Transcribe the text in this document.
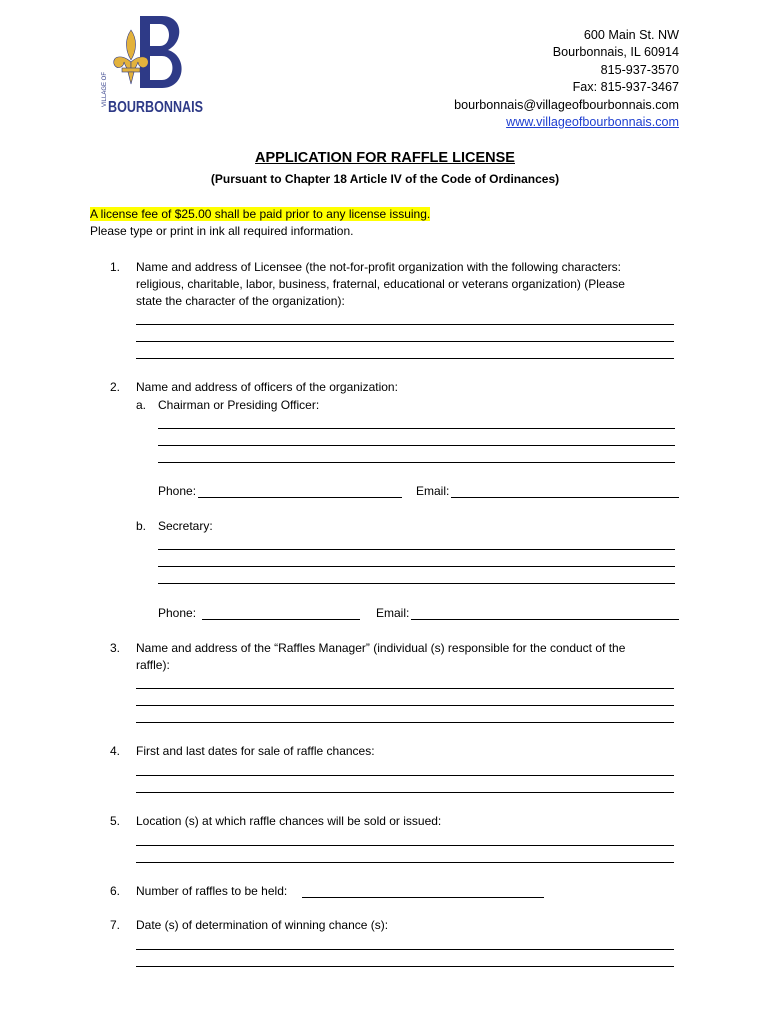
VILLAGE OF
BOURBONNAIS
600 Main St. NW
Bourbonnais, IL 60914
815-937-3570
Fax: 815-937-3467
bourbonnais@villageofbourbonnais.com
www.villageofbourbonnais.com
APPLICATION FOR RAFFLE LICENSE
(Pursuant to Chapter 18 Article IV of the Code of Ordinances)
A license fee of $25.00 shall be paid prior to any license issuing.
Please type or print in ink all required information.
1. Name and address of Licensee (the not-for-profit organization with the following characters:
religious, charitable, labor, business, fraternal, educational or veterans organization) (Please
state the character of the organization):
2. Name and address of officers of the organization:
a. Chairman or Presiding Officer:
Phone:	Email:
b. Secretary:
Phone:	Email:
3. Name and address of the “Raffles Manager” (individual (s) responsible for the conduct of the
raffle):
4. First and last dates for sale of raffle chances:
5. Location (s) at which raffle chances will be sold or issued:
6. Number of raffles to be held:
7. Date (s) of determination of winning chance (s):
